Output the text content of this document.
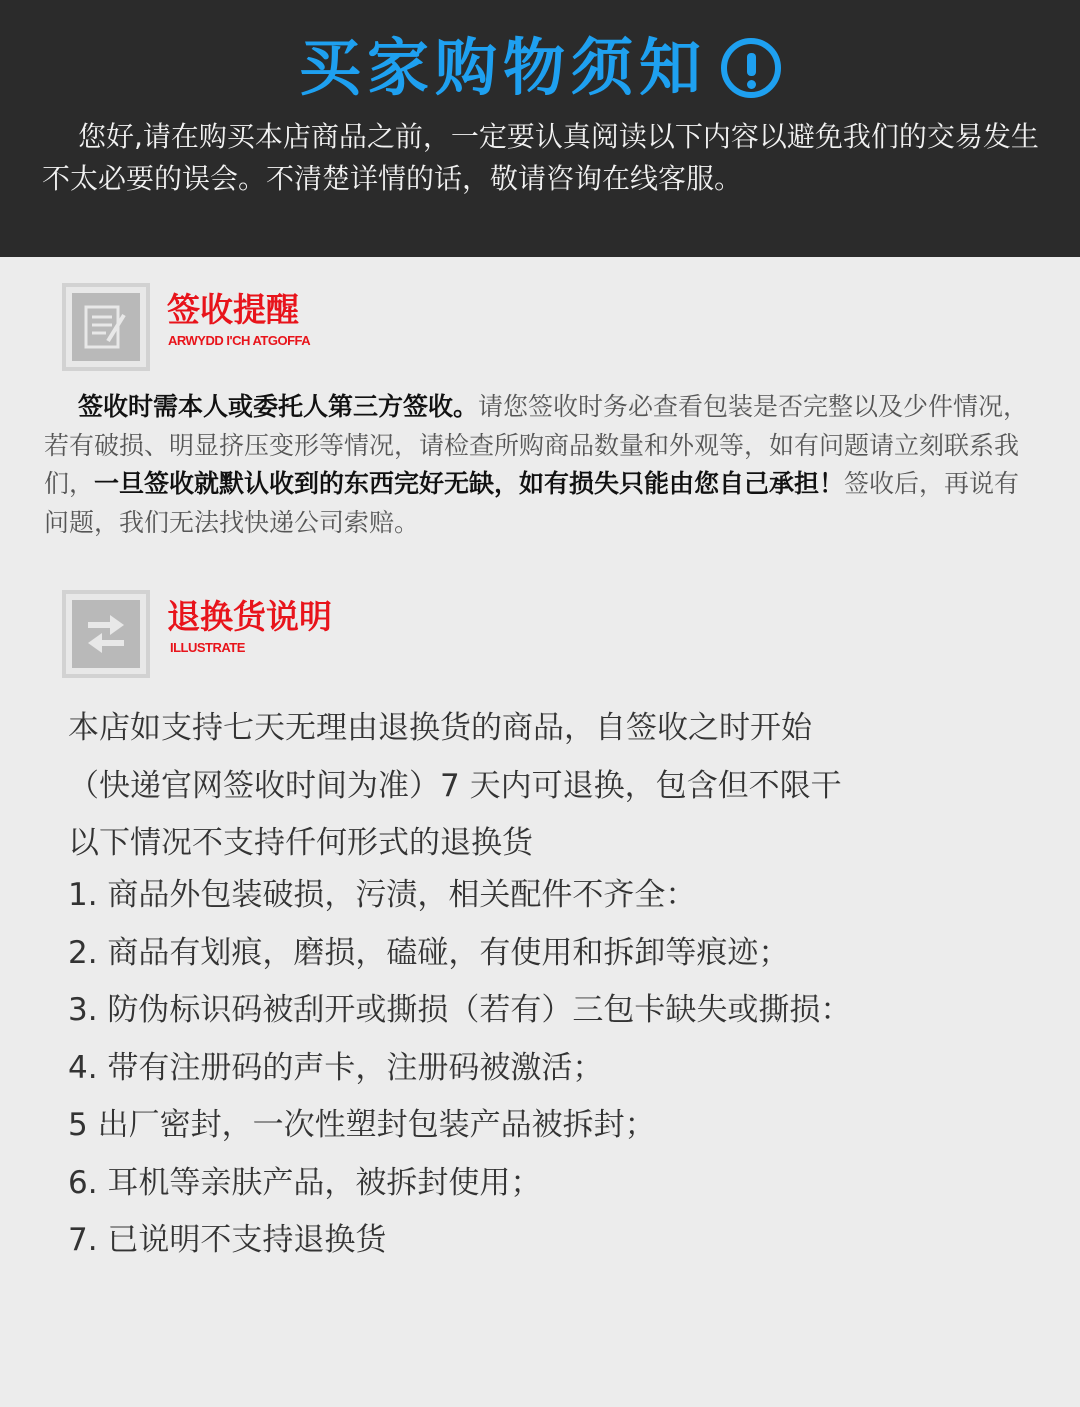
买家购物须知

您好,请在购买本店商品之前，一定要认真阅读以下内容以避免我们的交易发生不太必要的误会。不清楚详情的话，敬请咨询在线客服。

签收提醒
ARWYDD I'CH ATGOFFA

签收时需本人或委托人第三方签收。请您签收时务必查看包装是否完整以及少件情况，若有破损、明显挤压变形等情况，请检查所购商品数量和外观等，如有问题请立刻联系我们，一旦签收就默认收到的东西完好无缺，如有损失只能由您自己承担！签收后，再说有问题，我们无法找快递公司索赔。

退换货说明
ILLUSTRATE
本店如支持七天无理由退换货的商品，自签收之时开始
（快递官网签收时间为准）7 天内可退换，包含但不限干
以下情况不支持仟何形式的退换货
1. 商品外包装破损，污渍，相关配件不齐全：
2. 商品有划痕，磨损，磕碰，有使用和拆卸等痕迹；
3. 防伪标识码被刮开或撕损（若有）三包卡缺失或撕损：
4. 带有注册码的声卡，注册码被激活；
5 出厂密封，一次性塑封包装产品被拆封；
6. 耳机等亲肤产品，被拆封使用；
7. 已说明不支持退换货
